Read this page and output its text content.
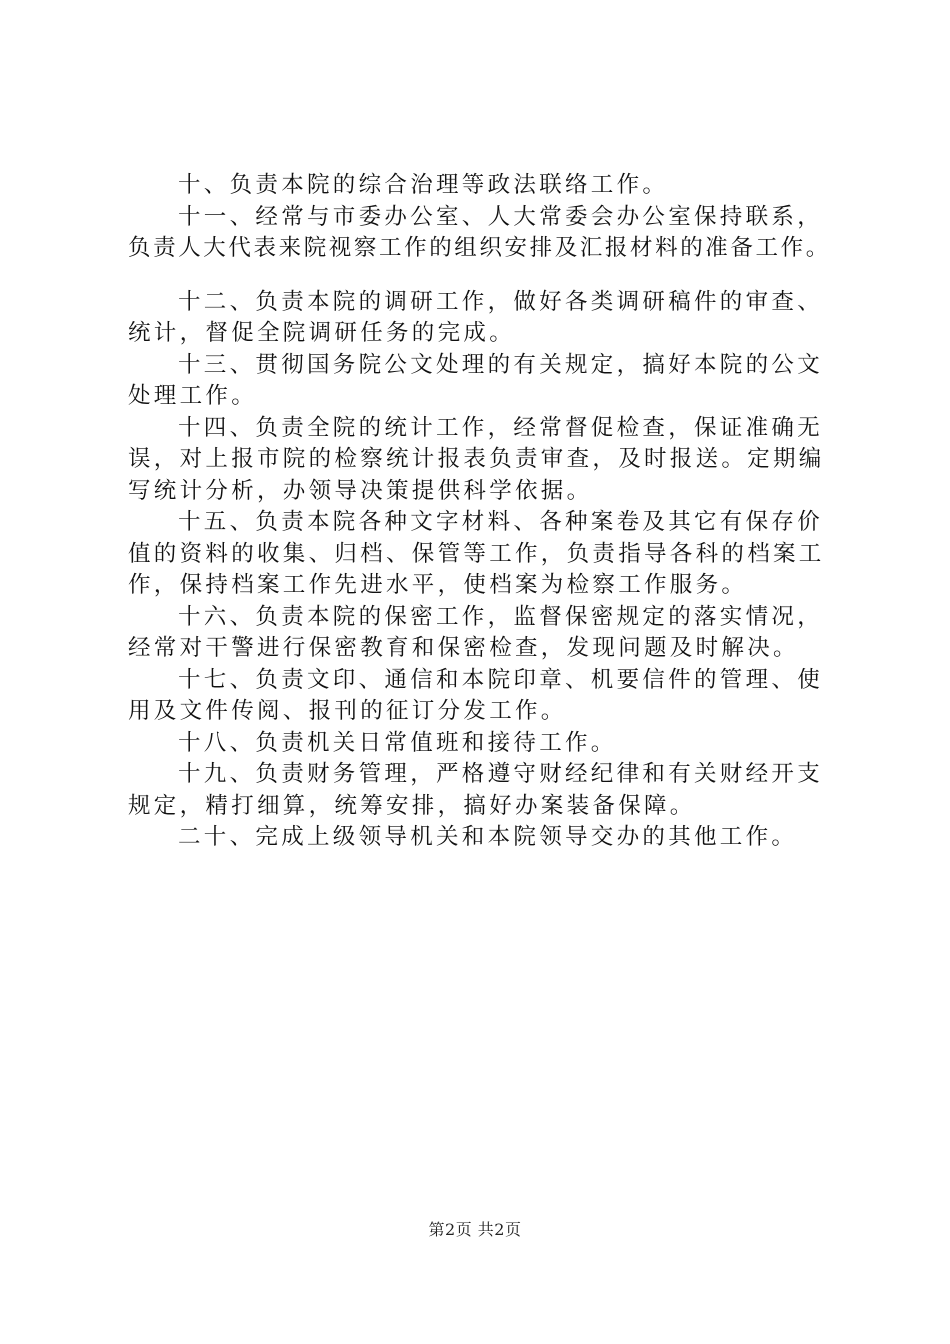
十、负责本院的综合治理等政法联络工作。

十一、经常与市委办公室、人大常委会办公室保持联系，
负责人大代表来院视察工作的组织安排及汇报材料的准备工作。

十二、负责本院的调研工作，做好各类调研稿件的审查、
统计，督促全院调研任务的完成。

十三、贯彻国务院公文处理的有关规定，搞好本院的公文
处理工作。

十四、负责全院的统计工作，经常督促检查，保证准确无
误，对上报市院的检察统计报表负责审查，及时报送。定期编
写统计分析，办领导决策提供科学依据。

十五、负责本院各种文字材料、各种案卷及其它有保存价
值的资料的收集、归档、保管等工作，负责指导各科的档案工
作，保持档案工作先进水平，使档案为检察工作服务。

十六、负责本院的保密工作，监督保密规定的落实情况，
经常对干警进行保密教育和保密检查，发现问题及时解决。

十七、负责文印、通信和本院印章、机要信件的管理、使
用及文件传阅、报刊的征订分发工作。

十八、负责机关日常值班和接待工作。

十九、负责财务管理，严格遵守财经纪律和有关财经开支
规定，精打细算，统筹安排，搞好办案装备保障。

二十、完成上级领导机关和本院领导交办的其他工作。

第2页 共2页
